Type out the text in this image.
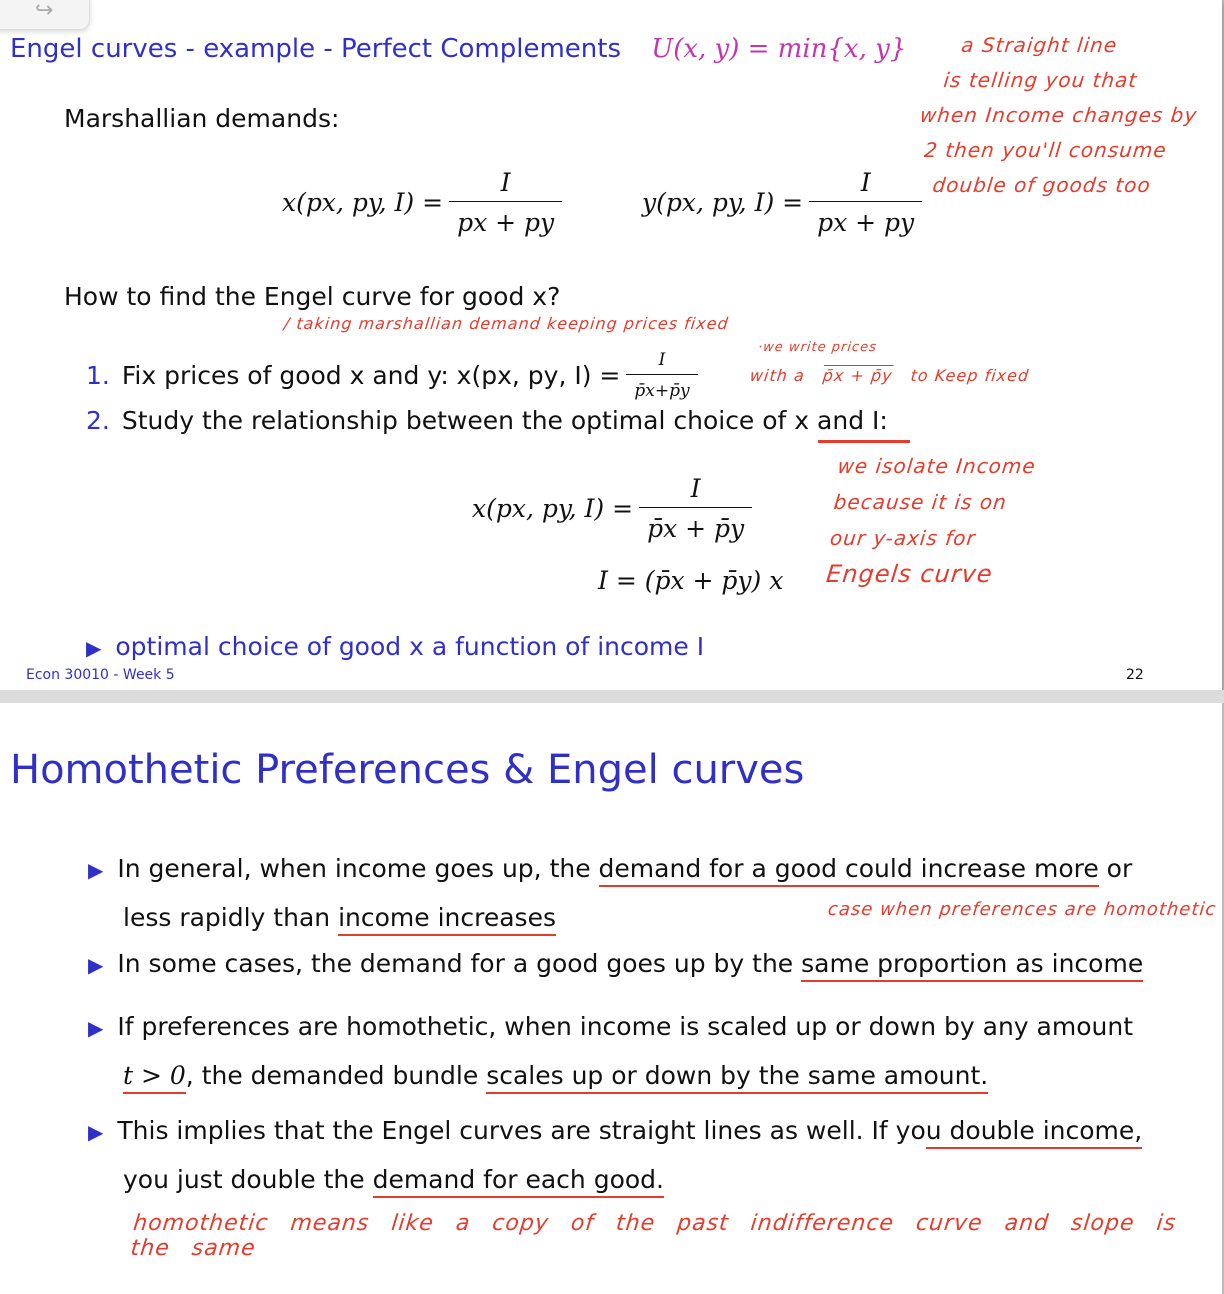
↪
Engel curves - example - Perfect Complements U(x, y) = min{x, y}
Marshallian demands:
x(px, py, $I) = \frac{I}{px + py}$	y(px, py, $I) = \frac{I}{px + py}$
a Straight line
is telling you that
when Income changes by
2 then you'll consume
double of goods too
How to find the Engel curve for good x?
/ taking marshallian demand keeping prices fixed
1. Fix prices of good x and y: x(px, py, $I) = \frac{I}{p̄x+p̄y}$
·we write prices
with a p̄x + p̄y to Keep fixed
2. Study the relationship between the optimal choice of x and I:
x(px, py, $I) = \frac{I}{p̄x + p̄y}$
I = (p̄x + p̄y) x
we isolate Income
because it is on
our y-axis for
Engels curve
▶ optimal choice of good x a function of income I
Econ 30010 - Week 5	22
Homothetic Preferences & Engel curves
▶ In general, when income goes up, the demand for a good could increase more or
less rapidly than income increases	case when preferences are homothetic
▶ In some cases, the demand for a good goes up by the same proportion as income
▶ If preferences are homothetic, when income is scaled up or down by any amount
t > 0, the demanded bundle scales up or down by the same amount.
▶ This implies that the Engel curves are straight lines as well. If you double income,
you just double the demand for each good.
homothetic means like a copy of the past indifference curve and slope is the same
